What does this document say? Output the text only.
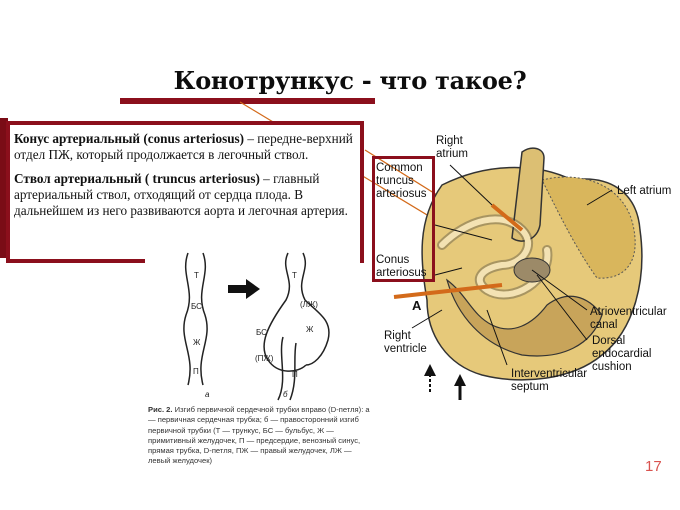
Конотрункус - что такое?

Конус артериальный (conus arteriosus) – передне-верхний отдел ПЖ, который продолжается в легочный ствол.

Ствол артериальный ( truncus arteriosus) – главный артериальный ствол, отходящий от сердца плода. В дальнейшем из него развиваются аорта и легочная артерия.

Right atrium
Left atrium
Common truncus arteriosus
Conus arteriosus
A	Atrioventricular canal
Dorsal endocardial cushion
Right ventricle
Interventricular septum
Т
БС
Ж
П
Т
(ЛЖ)
БС	Ж
(ПЖ)
П
а	б
Рис. 2. Изгиб первичной сердечной трубки вправо (D-петля): а — первичная сердечная трубка; б — правосторонний изгиб первичной трубки (Т — трункус, БС — бульбус, Ж — примитивный желудочек, П — предсердие, венозный синус, прямая трубка, D-петля, ПЖ — правый желудочек, ЛЖ — левый желудочек)	17
